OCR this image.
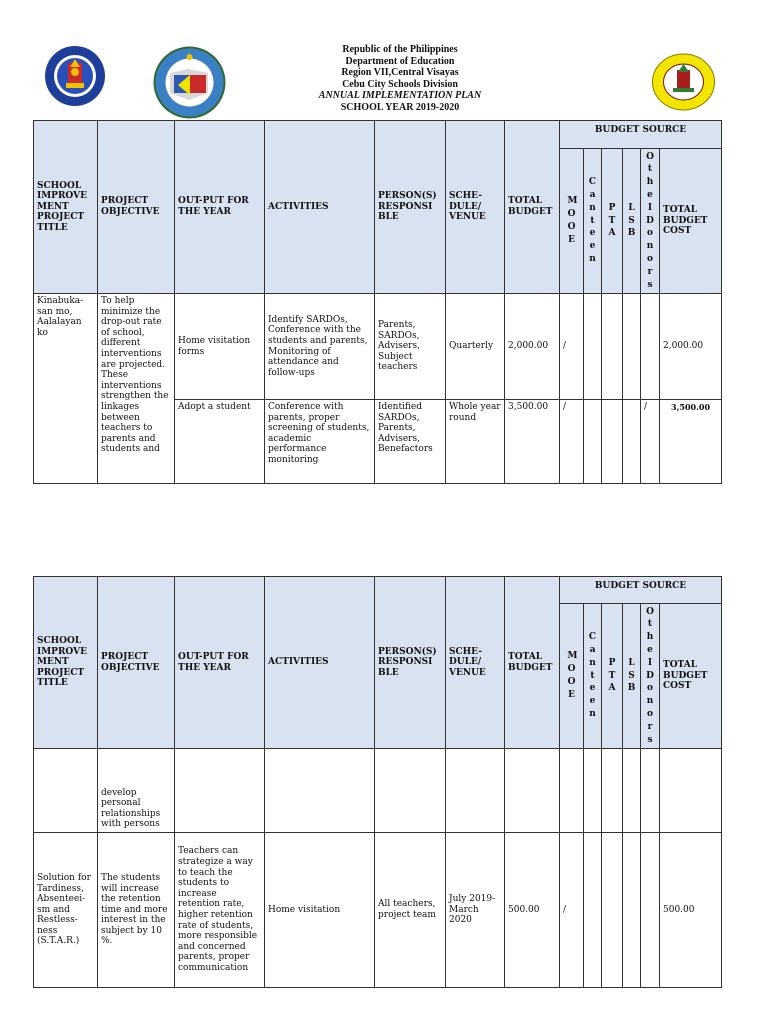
Republic of the Philippines
Department of Education
Region VII,Central Visayas
Cebu City Schools Division
ANNUAL IMPLEMENTATION PLAN
SCHOOL YEAR 2019-2020
SCHOOL IMPROVE MENT PROJECT TITLE	PROJECT OBJECTIVE	OUT-PUT FOR THE YEAR	ACTIVITIES	PERSON(S) RESPONSI BLE	SCHE- DULE/ VENUE	TOTAL BUDGET	BUDGET SOURCE					

							MOOE	Canteen	PTA	LSB	OtheIDonors	TOTAL BUDGET COST
Kinabuka-san mo, Aalalayan ko	To help minimize the drop-out rate of school, different interventions are projected. These interventions strengthen the linkages between teachers to parents and students and	Home visitation forms	Identify SARDOs, Conference with the students and parents, Monitoring of attendance and follow-ups	Parents, SARDOs, Advisers, Subject teachers	Quarterly	2,000.00	/					2,000.00
		Adopt a student	Conference with parents, proper screening of students, academic performance monitoring	Identified SARDOs, Parents, Advisers, Benefactors	Whole year round	3,500.00	/				/	3,500.00
SCHOOL IMPROVE MENT PROJECT TITLE	PROJECT OBJECTIVE	OUT-PUT FOR THE YEAR	ACTIVITIES	PERSON(S) RESPONSI BLE	SCHE- DULE/ VENUE	TOTAL BUDGET	BUDGET SOURCE					

							MOOE	Canteen	PTA	LSB	OtheIDonors	TOTAL BUDGET COST
	develop personal relationships with persons											
Solution for Tardiness, Absenteei-sm and Restless-ness (S.T.A.R.)	The students will increase the retention time and more interest in the subject by 10 %.	Teachers can strategize a way to teach the students to increase retention rate, higher retention rate of students, more responsible and concerned parents, proper communication	Home visitation	All teachers, project team	July 2019- March 2020	500.00	/					500.00
